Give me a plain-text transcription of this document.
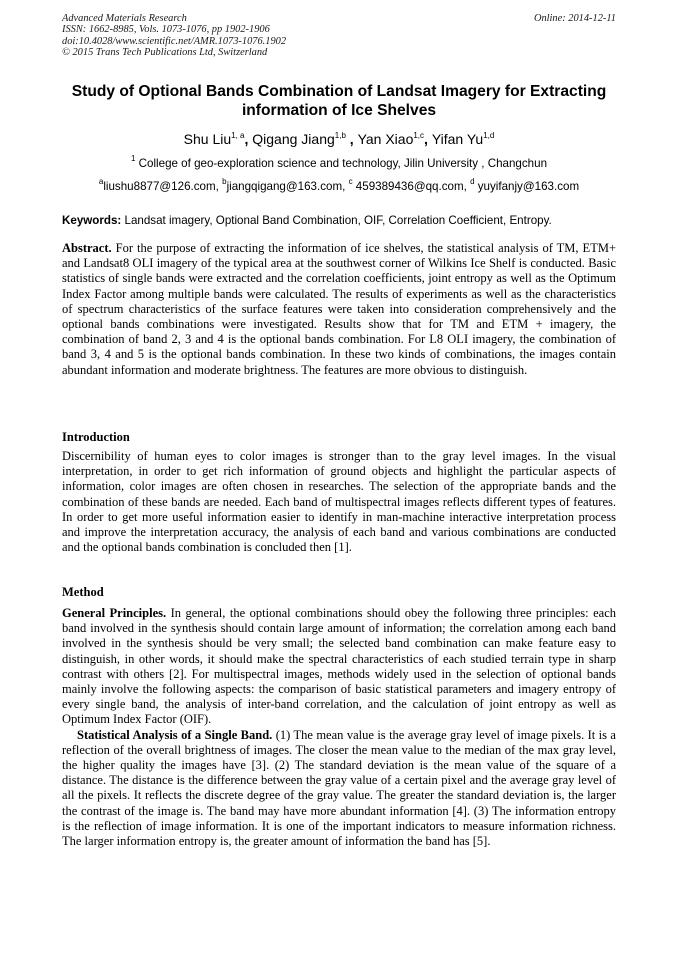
Advanced Materials Research
ISSN: 1662-8985, Vols. 1073-1076, pp 1902-1906
doi:10.4028/www.scientific.net/AMR.1073-1076.1902
© 2015 Trans Tech Publications Ltd, Switzerland
Online: 2014-12-11
Study of Optional Bands Combination of Landsat Imagery for Extracting
information of Ice Shelves
Shu Liu$^{1, a}$, Qigang Jiang$^{1,b}$ , Yan Xiao$^{1,c}$, Yifan Yu$^{1,d}$
$^1$ College of geo-exploration science and technology, Jilin University , Changchun
$^a$liushu8877@126.com, $^b$jiangqigang@163.com, $^c$ 459389436@qq.com, $^d$ yuyifanjy@163.com
Keywords: Landsat imagery, Optional Band Combination, OIF, Correlation Coefficient, Entropy.
Abstract. For the purpose of extracting the information of ice shelves, the statistical analysis of TM, ETM+ and Landsat8 OLI imagery of the typical area at the southwest corner of Wilkins Ice Shelf is conducted. Basic statistics of single bands were extracted and the correlation coefficients, joint entropy as well as the Optimum Index Factor among multiple bands were calculated. The results of experiments as well as the characteristics of spectrum characteristics of the surface features were taken into consideration comprehensively and the optional bands combinations were investigated. Results show that for TM and ETM + imagery, the combination of band 2, 3 and 4 is the optional bands combination. For L8 OLI imagery, the combination of band 3, 4 and 5 is the optional bands combination. In these two kinds of combinations, the images contain abundant information and moderate brightness. The features are more obvious to distinguish.
Introduction
Discernibility of human eyes to color images is stronger than to the gray level images. In the visual interpretation, in order to get rich information of ground objects and highlight the particular aspects of information, color images are often chosen in researches. The selection of the appropriate bands and the combination of these bands are needed. Each band of multispectral images reflects different types of features. In order to get more useful information easier to identify in man-machine interactive interpretation process and improve the interpretation accuracy, the analysis of each band and various combinations are conducted and the optional bands combination is concluded then [1].
Method
General Principles. In general, the optional combinations should obey the following three principles: each band involved in the synthesis should contain large amount of information; the correlation among each band involved in the synthesis should be very small; the selected band combination can make feature easy to distinguish, in other words, it should make the spectral characteristics of each studied terrain type in sharp contrast with others [2]. For multispectral images, methods widely used in the selection of optional bands mainly involve the following aspects: the comparison of basic statistical parameters and imagery entropy of every single band, the analysis of inter-band correlation, and the calculation of joint entropy as well as Optimum Index Factor (OIF).
Statistical Analysis of a Single Band. (1) The mean value is the average gray level of image pixels. It is a reflection of the overall brightness of images. The closer the mean value to the median of the max gray level, the higher quality the images have [3]. (2) The standard deviation is the mean value of the square of a distance. The distance is the difference between the gray value of a certain pixel and the average gray level of all the pixels. It reflects the discrete degree of the gray value. The greater the standard deviation is, the larger the contrast of the image is. The band may have more abundant information [4]. (3) The information entropy is the reflection of image information. It is one of the important indicators to measure information richness. The larger information entropy is, the greater amount of information the band has [5].
